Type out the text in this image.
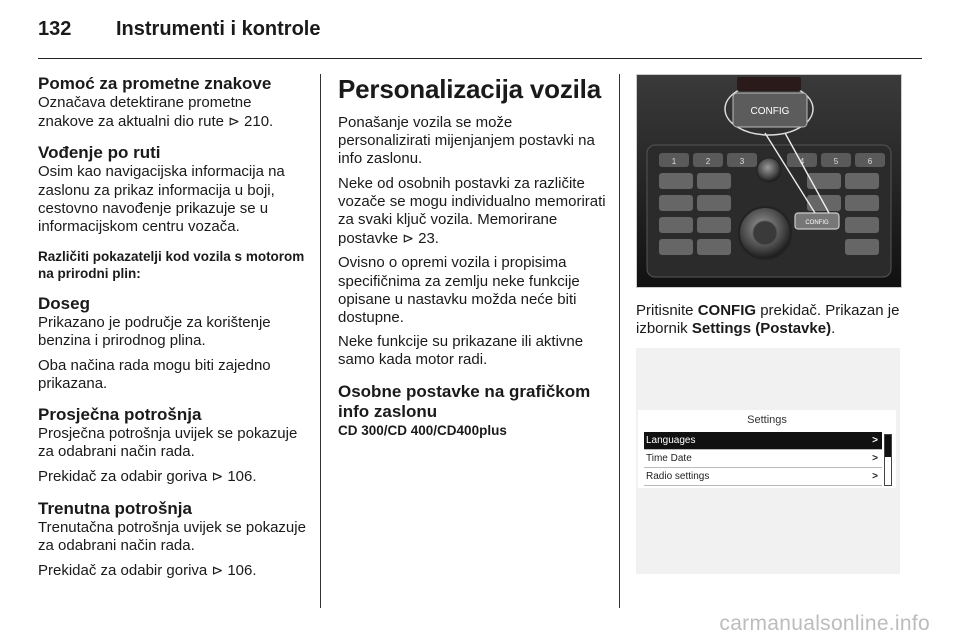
132	Instrumenti i kontrole
Pomoć za prometne znakove

Označava detektirane prometne znakove za aktualni dio rute ⊳ 210.

Vođenje po ruti

Osim kao navigacijska informacija na zaslonu za prikaz informacija u boji, cestovno navođenje prikazuje se u informacijskom centru vozača.

Različiti pokazatelji kod vozila s motorom na prirodni plin:
Doseg

Prikazano je područje za korištenje benzina i prirodnog plina.

Oba načina rada mogu biti zajedno prikazana.

Prosječna potrošnja

Prosječna potrošnja uvijek se pokazuje za odabrani način rada.

Prekidač za odabir goriva ⊳ 106.

Trenutna potrošnja

Trenutačna potrošnja uvijek se pokazuje za odabrani način rada.

Prekidač za odabir goriva ⊳ 106.

Personalizacija vozila

Ponašanje vozila se može personalizirati mijenjanjem postavki na info zaslonu.

Neke od osobnih postavki za različite vozače se mogu individualno memorirati za svaki ključ vozila. Memorirane postavke ⊳ 23.

Ovisno o opremi vozila i propisima specifičnima za zemlju neke funkcije opisane u nastavku možda neće biti dostupne.

Neke funkcije su prikazane ili aktivne samo kada motor radi.

Osobne postavke na grafičkom info zaslonu
CD 300/CD 400/CD400plus
1	2	3	4	5	6
CONFIG
CONFIG

Pritisnite CONFIG prekidač. Prikazan je izbornik Settings (Postavke).

Settings
Languages	>
Time Date	>
Radio settings	>
carmanualsonline.info
